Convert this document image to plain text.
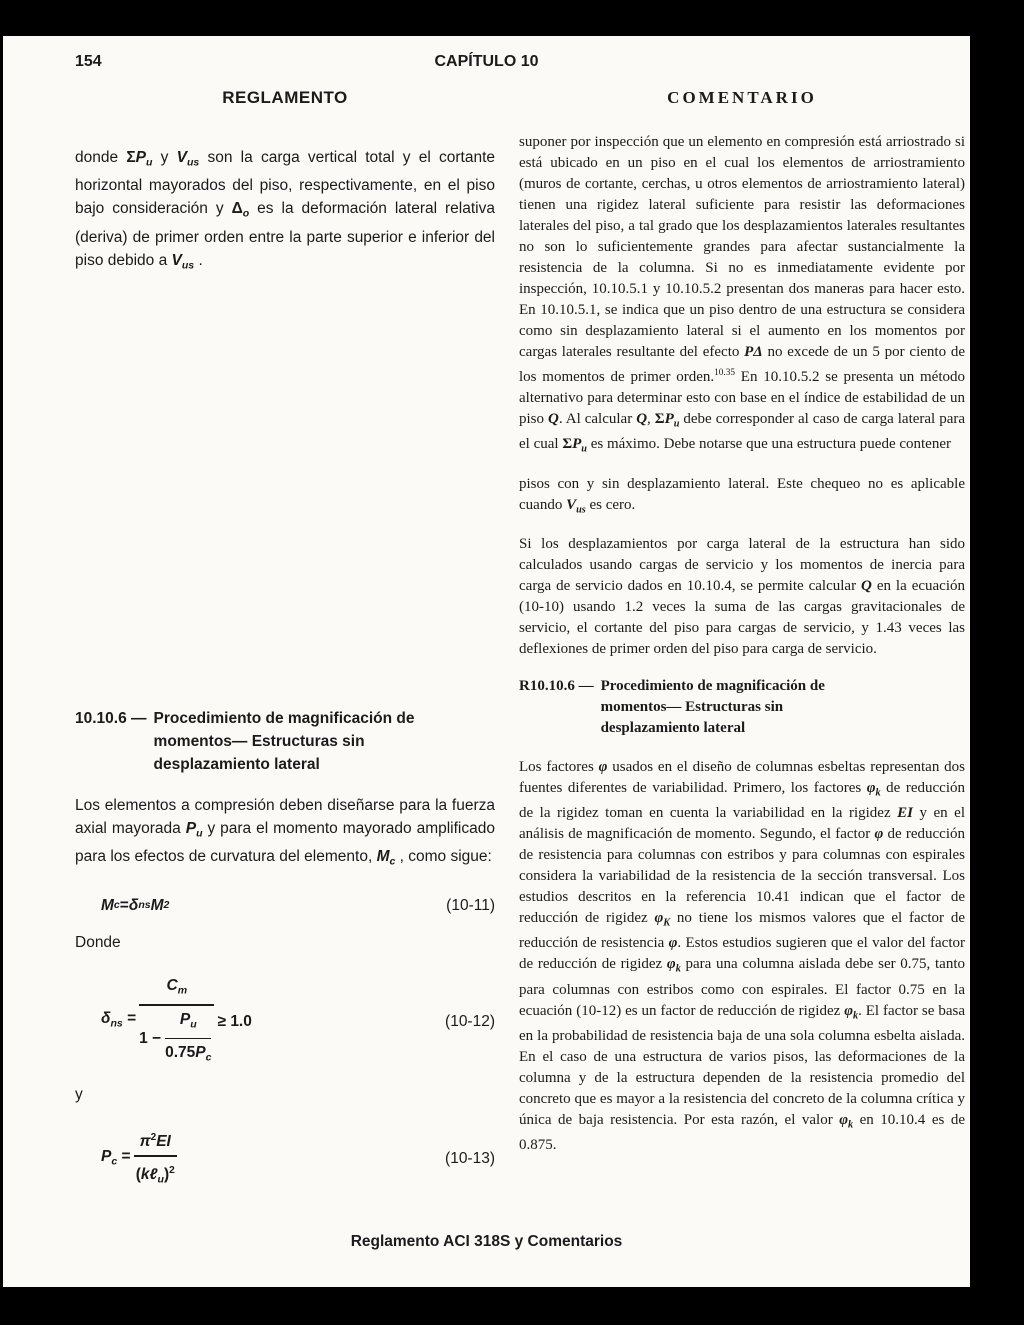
154	CAPÍTULO 10
REGLAMENTO	COMENTARIO

donde $\Sigma P_u$ y $V_{us}$ son la carga vertical total y el cortante horizontal mayorados del piso, respectivamente, en el piso bajo consideración y $\Delta_o$ es la deformación lateral relativa (deriva) de primer orden entre la parte superior e inferior del piso debido a $V_{us}$ .

10.10.6 — Procedimiento de magnificación de
momentos— Estructuras sin
desplazamiento lateral

Los elementos a compresión deben diseñarse para la fuerza axial mayorada $P_u$ y para el momento mayorado amplificado para los efectos de curvatura del elemento, $M_c$ , como sigue:

M c = δ ns M 2	(10-11)

Donde

$\delta_{ns}$ =
$C_m$
$1 - \frac{P_u}{0.75P_c} \ge 1.0$	(10-12)

y

$P_c = \frac{\pi^2EI}{(k\ell_u)^2}$	(10-13)

suponer por inspección que un elemento en compresión está arriostrado si está ubicado en un piso en el cual los elementos de arriostramiento (muros de cortante, cerchas, u otros elementos de arriostramiento lateral) tienen una rigidez lateral suficiente para resistir las deformaciones laterales del piso, a tal grado que los desplazamientos laterales resultantes no son lo suficientemente grandes para afectar sustancialmente la resistencia de la columna. Si no es inmediatamente evidente por inspección, 10.10.5.1 y 10.10.5.2 presentan dos maneras para hacer esto. En 10.10.5.1, se indica que un piso dentro de una estructura se considera como sin desplazamiento lateral si el aumento en los momentos por cargas laterales resultante del efecto PΔ no excede de un 5 por ciento de los momentos de primer orden.$^{10.35}$ En 10.10.5.2 se presenta un método alternativo para determinar esto con base en el índice de estabilidad de un piso Q. Al calcular Q, $\Sigma P_u$ debe corresponder al caso de carga lateral para el cual $\Sigma P_u$ es máximo. Debe notarse que una estructura puede contener

pisos con y sin desplazamiento lateral. Este chequeo no es aplicable cuando $V_{us}$ es cero.

Si los desplazamientos por carga lateral de la estructura han sido calculados usando cargas de servicio y los momentos de inercia para carga de servicio dados en 10.10.4, se permite calcular Q en la ecuación (10-10) usando 1.2 veces la suma de las cargas gravitacionales de servicio, el cortante del piso para cargas de servicio, y 1.43 veces las deflexiones de primer orden del piso para carga de servicio.

R10.10.6 — Procedimiento de magnificación de
momentos— Estructuras sin
desplazamiento lateral

Los factores φ usados en el diseño de columnas esbeltas representan dos fuentes diferentes de variabilidad. Primero, los factores $\varphi_k$ de reducción de la rigidez toman en cuenta la variabilidad en la rigidez EI y en el análisis de magnificación de momento. Segundo, el factor φ de reducción de resistencia para columnas con estribos y para columnas con espirales considera la variabilidad de la resistencia de la sección transversal. Los estudios descritos en la referencia 10.41 indican que el factor de reducción de rigidez $\varphi_K$ no tiene los mismos valores que el factor de reducción de resistencia φ. Estos estudios sugieren que el valor del factor de reducción de rigidez $\varphi_k$ para una columna aislada debe ser 0.75, tanto para columnas con estribos como con espirales. El factor 0.75 en la ecuación (10-12) es un factor de reducción de rigidez $\varphi_k$. El factor se basa en la probabilidad de resistencia baja de una sola columna esbelta aislada. En el caso de una estructura de varios pisos, las deformaciones de la columna y de la estructura dependen de la resistencia promedio del concreto que es mayor a la resistencia del concreto de la columna crítica y única de baja resistencia. Por esta razón, el valor $\varphi_k$ en 10.10.4 es de 0.875.

Reglamento ACI 318S y Comentarios
